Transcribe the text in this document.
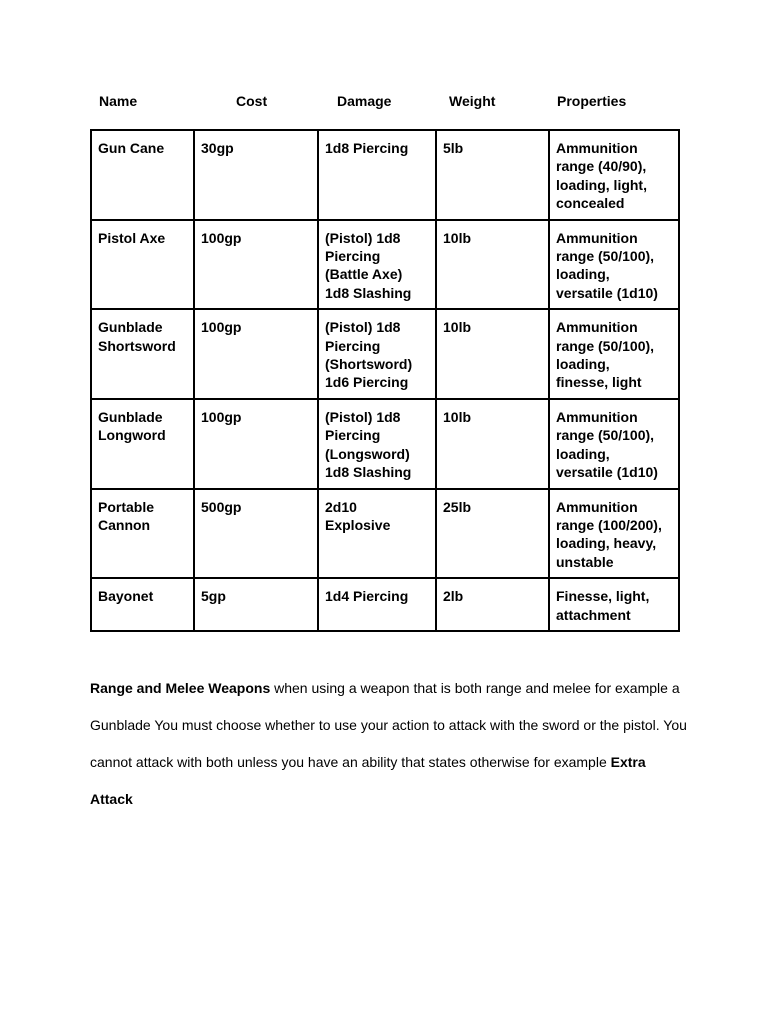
Name	Cost	Damage	Weight	Properties
Gun Cane	30gp	1d8 Piercing	5lb	Ammunition
range (40/90),
loading, light,
concealed
Pistol Axe	100gp	(Pistol) 1d8
Piercing
(Battle Axe)
1d8 Slashing	10lb	Ammunition
range (50/100),
loading,
versatile (1d10)
Gunblade
Shortsword	100gp	(Pistol) 1d8
Piercing
(Shortsword)
1d6 Piercing	10lb	Ammunition
range (50/100),
loading,
finesse, light
Gunblade
Longword	100gp	(Pistol) 1d8
Piercing
(Longsword)
1d8 Slashing	10lb	Ammunition
range (50/100),
loading,
versatile (1d10)
Portable
Cannon	500gp	2d10
Explosive	25lb	Ammunition
range (100/200),
loading, heavy,
unstable
Bayonet	5gp	1d4 Piercing	2lb	Finesse, light,
attachment

Range and Melee Weapons when using a weapon that is both range and melee for example a Gunblade You must choose whether to use your action to attack with the sword or the pistol. You cannot attack with both unless you have an ability that states otherwise for example Extra Attack
